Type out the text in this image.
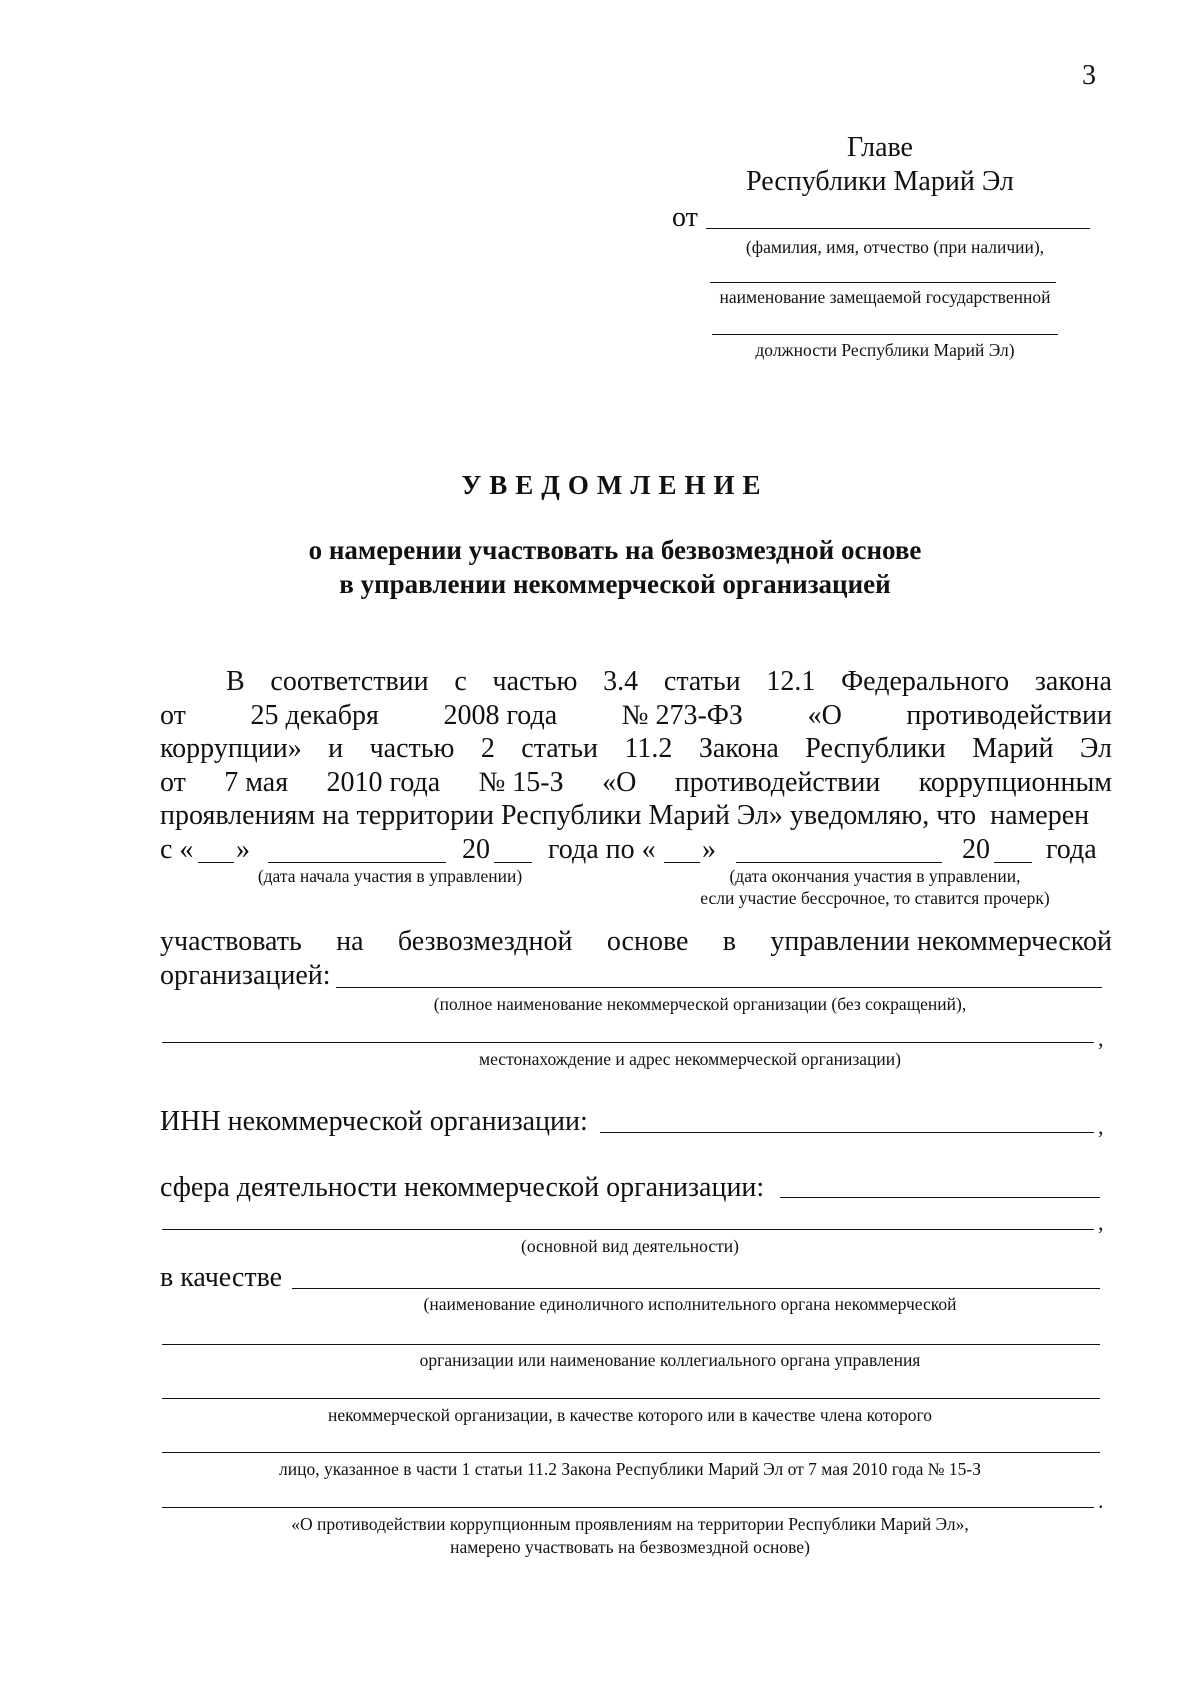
3
Главе
Республики Марий Эл
от
(фамилия, имя, отчество (при наличии),
наименование замещаемой государственной
должности Республики Марий Эл)
УВЕДОМЛЕНИЕ
о намерении участвовать на безвозмездной основе
в управлении некоммерческой организацией
В соответствии с частью 3.4 статьи 12.1 Федерального закона
от 25 декабря 2008 года № 273-ФЗ «О противодействии
коррупции» и частью 2 статьи 11.2 Закона Республики Марий Эл
от 7 мая 2010 года № 15-З «О противодействии коррупционным
проявлениям на территории Республики Марий Эл» уведомляю, что  намерен
с « »	20 года по « »	20 года
(дата начала участия в управлении)	(дата окончания участия в управлении,
если участие бессрочное, то ставится прочерк)
участвовать на безвозмездной основе в управлении некоммерческой
организацией:
(полное наименование некоммерческой организации (без сокращений),
,
местонахождение и адрес некоммерческой организации)
ИНН некоммерческой организации:	,
сфера деятельности некоммерческой организации:
,
(основной вид деятельности)
в качестве
(наименование единоличного исполнительного органа некоммерческой
организации или наименование коллегиального органа управления
некоммерческой организации, в качестве которого или в качестве члена которого
лицо, указанное в части 1 статьи 11.2 Закона Республики Марий Эл от 7 мая 2010 года № 15-З
.
«О противодействии коррупционным проявлениям на территории Республики Марий Эл»,
намерено участвовать на безвозмездной основе)
